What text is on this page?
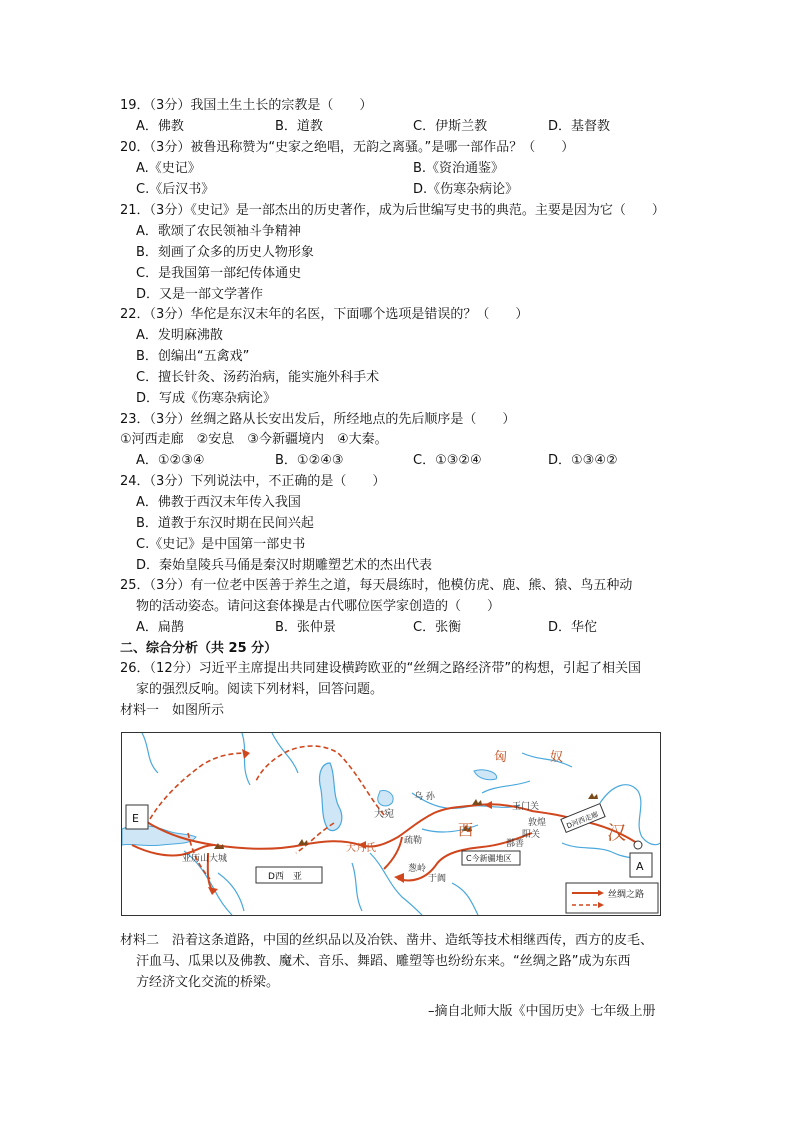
19．（3分）我国土生土长的宗教是（　　）
A．佛教	B．道教	C．伊斯兰教	D．基督教
20．（3分）被鲁迅称赞为“史家之绝唱，无韵之离骚。”是哪一部作品？（　　）
A.《史记》	B.《资治通鉴》
C.《后汉书》	D.《伤寒杂病论》
21．（3分）《史记》是一部杰出的历史著作，成为后世编写史书的典范。主要是因为它（　　）
A．歌颂了农民领袖斗争精神
B．刻画了众多的历史人物形象
C．是我国第一部纪传体通史
D．又是一部文学著作
22．（3分）华佗是东汉末年的名医，下面哪个选项是错误的？（　　）
A．发明麻沸散
B．创编出“五禽戏”
C．擅长针灸、汤药治病，能实施外科手术
D．写成《伤寒杂病论》
23．（3分）丝绸之路从长安出发后，所经地点的先后顺序是（　　）
①河西走廊　②安息　③今新疆境内　④大秦。
A．①②③④	B．①②④③	C．①③②④	D．①③④②
24．（3分）下列说法中，不正确的是（　　）
A．佛教于西汉末年传入我国
B．道教于东汉时期在民间兴起
C.《史记》是中国第一部史书
D．秦始皇陵兵马俑是秦汉时期雕塑艺术的杰出代表
25．（3分）有一位老中医善于养生之道，每天晨练时，他模仿虎、鹿、熊、猿、鸟五种动
物的活动姿态。请问这套体操是古代哪位医学家创造的（　　）
A．扁鹊	B．张仲景	C．张衡	D．华佗
二、综合分析（共 25 分）
26．（12分）习近平主席提出共同建设横跨欧亚的“丝绸之路经济带”的构想，引起了相关国
家的强烈反响。阅读下列材料，回答问题。
材料一　如图所示
匈	奴
汉
西
大宛
乌 孙
玉门关
敦煌
阳关
疏勒	鄯善
葱岭
于阗
大月氏
亚历山大城
D河西走廊
C今新疆地区
D西　亚
E
A
丝绸之路
材料二　沿着这条道路，中国的丝织品以及冶铁、凿井、造纸等技术相继西传，西方的皮毛、
汗血马、瓜果以及佛教、魔术、音乐、舞蹈、雕塑等也纷纷东来。“丝绸之路”成为东西
方经济文化交流的桥梁。
–摘自北师大版《中国历史》七年级上册
